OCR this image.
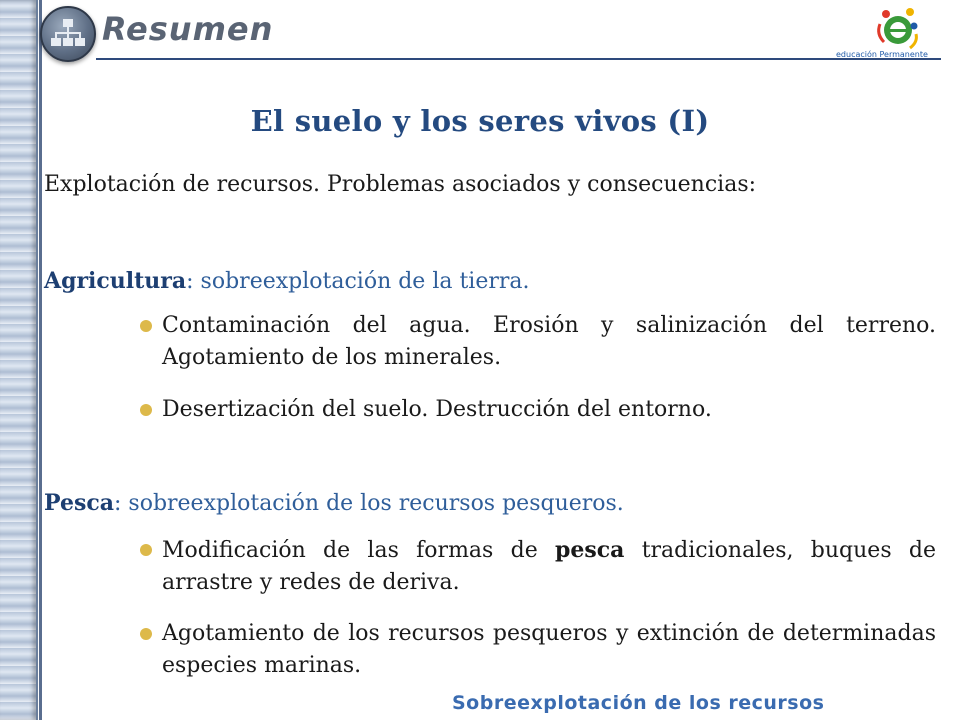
Resumen
educación Permanente
El suelo y los seres vivos (I)
Explotación de recursos. Problemas asociados y consecuencias:
Agricultura: sobreexplotación de la tierra.
Contaminación del agua. Erosión y salinización del terreno. Agotamiento de los minerales.
Desertización del suelo. Destrucción del entorno.
Pesca: sobreexplotación de los recursos pesqueros.
Modificación de las formas de pesca tradicionales, buques de arrastre y redes de deriva.
Agotamiento de los recursos pesqueros y extinción de determinadas especies marinas.
Sobreexplotación de los recursos
